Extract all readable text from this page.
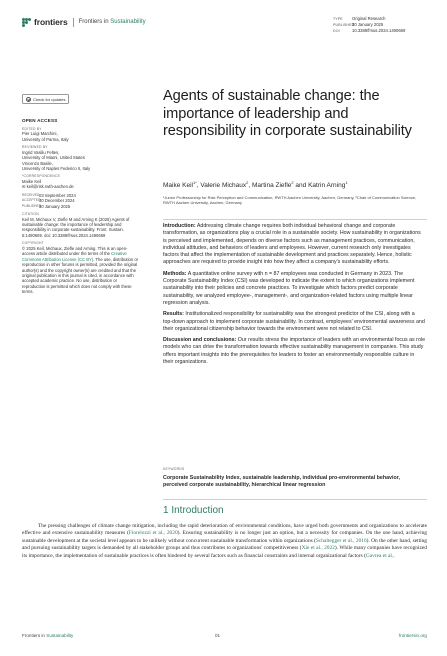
frontiers Frontiers in Sustainability	TYPE Original Research
PUBLISHED30 January 2025
DOI	10.3389/frsus.2024.1490669
Check for updates
OPEN ACCESS
EDITED BY
Pier Luigi Marchini,
University of Parma, Italy
REVIEWED BY
Ingrid Vasiliu Feltes,
University of Miami, United States
Vincenzo Basile,
University of Naples Federico II, Italy
*CORRESPONDENCE
Maike Keil
✉ keil@risk.rwth-aachen.de
RECEIVED 03 September 2024
ACCEPTED
30 December 2024
PUBLISHED
30 January 2025
CITATION
Keil M, Michaux V, Ziefle M and Arning K (2025) Agents of sustainable change: the importance of leadership and responsibility in corporate sustainability. Front. Sustain. 5:1490669. doi: 10.3389/frsus.2024.1490669
COPYRIGHT
© 2025 Keil, Michaux, Ziefle and Arning. This is an open-access article distributed under the terms of the Creative Commons Attribution License (CC BY). The use, distribution or reproduction in other forums is permitted, provided the original author(s) and the copyright owner(s) are credited and that the original publication in this journal is cited, in accordance with accepted academic practice. No use, distribution or reproduction is permitted which does not comply with these terms.
Agents of sustainable change: the importance of leadership and responsibility in corporate sustainability
Maike Keil$^{1*}$, Valerie Michaux$^2$, Martina Ziefle$^2$ and Katrin Arning$^1$
¹Junior Professorship for Risk Perception and Communication, RWTH Aachen University, Aachen, Germany, ²Chair of Communication Science, RWTH Aachen University, Aachen, Germany

Introduction: Addressing climate change requires both individual behavioral change and corporate transformation, as organizations play a crucial role in a sustainable society. How sustainability in organizations is perceived and implemented, depends on diverse factors such as management practices, communication, individual attitudes, and behaviors of leaders and employees. However, current research only investigates factors that affect the implementation of sustainable development and practices separately. Hence, holistic approaches are required to provide insight into how they affect a company's sustainability efforts.

Methods: A quantitative online survey with n = 87 employees was conducted in Germany in 2023. The Corporate Sustainability Index (CSI) was developed to indicate the extent to which organizations implement sustainability into their policies and concrete practices. To investigate which factors predict corporate sustainability, we analyzed employee-, management-, and organization-related factors using multiple linear regression analysis.

Results: Institutionalized responsibility for sustainability was the strongest predictor of the CSI, along with a top-down approach to implement corporate sustainability. In contrast, employees' environmental awareness and their organizational citizenship behavior towards the environment were not related to CSI.

Discussion and conclusions: Our results stress the importance of leaders with an environmental focus as role models who can drive the transformation towards effective sustainability management in companies. This study offers important insights into the prerequisites for leaders to foster an environmentally responsible culture in their organizations.

KEYWORDS
Corporate Sustainability Index, sustainable leadership, individual pro-environmental behavior, perceived corporate sustainability, hierarchical linear regression
1 Introduction
The pressing challenges of climate change mitigation, including the rapid deterioration of environmental conditions, have urged both governments and organizations to accelerate effective and extensive sustainability measures (Fiorelozzi et al., 2020). Ensuring sustainability is no longer just an option, but a necessity for companies. On the one hand, achieving sustainable development at the societal level appears to be unlikely without concurrent sustainable transformation within organizations (Schaltegger et al., 2016). On the other hand, setting and pursuing sustainability targets is demanded by all stakeholder groups and thus contributes to organizations' competitiveness (Xie et al., 2022). While many companies have recognized its importance, the implementation of sustainable practices is often hindered by several factors such as financial constraints and internal organizational factors (Gavrea et al.,
Frontiers in Sustainability	01	frontiersin.org
